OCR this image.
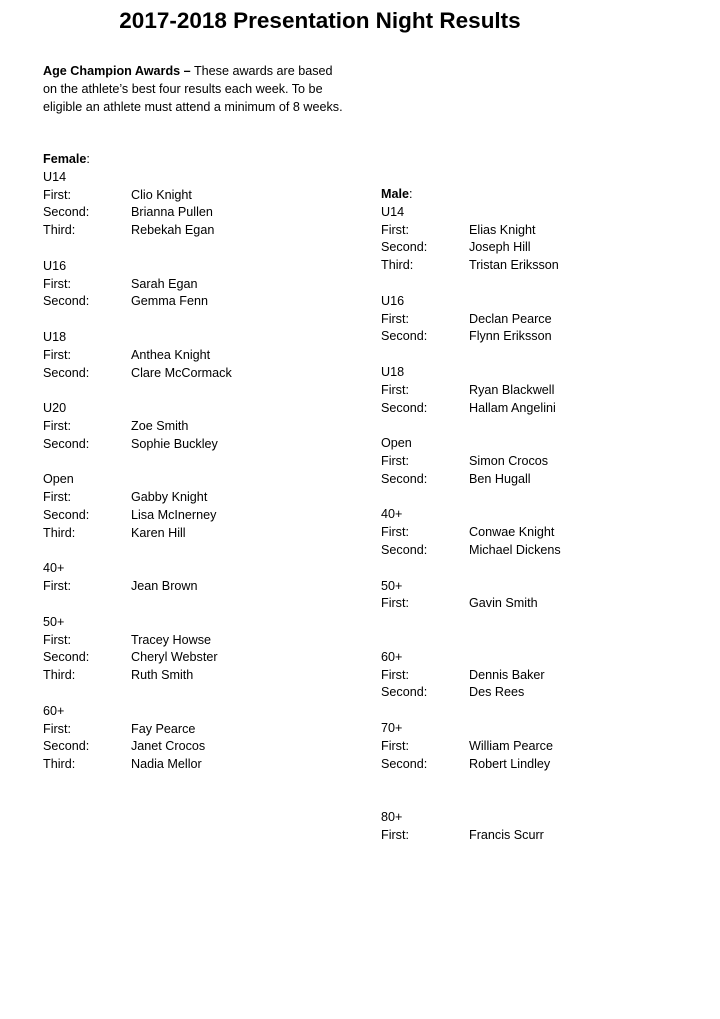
2017-2018 Presentation Night Results
Age Champion Awards – These awards are based on the athlete’s best four results each week. To be eligible an athlete must attend a minimum of 8 weeks.
Female:
U14
First:	Clio Knight
Second:	Brianna Pullen
Third:	Rebekah Egan
U16
First:	Sarah Egan
Second:	Gemma Fenn
U18
First:	Anthea Knight
Second:	Clare McCormack
U20
First:	Zoe Smith
Second:	Sophie Buckley
Open
First:	Gabby Knight
Second:	Lisa McInerney
Third:	Karen Hill
40+
First:	Jean Brown
50+
First:	Tracey Howse
Second:	Cheryl Webster
Third:	Ruth Smith
60+
First:	Fay Pearce
Second:	Janet Crocos
Third:	Nadia Mellor
Male:
U14
First:	Elias Knight
Second:	Joseph Hill
Third:	Tristan Eriksson
U16
First:	Declan Pearce
Second:	Flynn Eriksson
U18
First:	Ryan Blackwell
Second:	Hallam Angelini
Open
First:	Simon Crocos
Second:	Ben Hugall
40+
First:	Conwae Knight
Second:	Michael Dickens
50+
First:	Gavin Smith
60+
First:	Dennis Baker
Second:	Des Rees
70+
First:	William Pearce
Second:	Robert Lindley
80+
First:	Francis Scurr
